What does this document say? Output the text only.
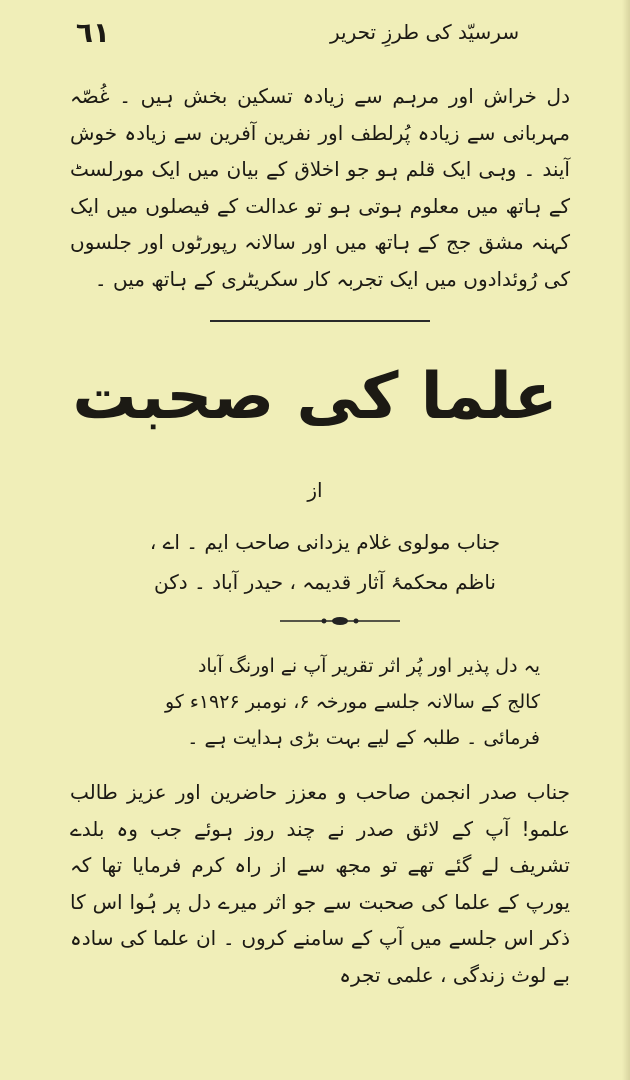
٦١	سرسیّد کی طرزِ تحریر

دل خراش اور مرہم سے زیادہ تسکین بخش ہیں ۔ غُصّہ مہربانی سے زیادہ پُرلطف اور نفرین آفرین سے زیادہ خوش آیند ۔ وہی ایک قلم ہو جو اخلاق کے بیان میں ایک مورلسٹ کے ہاتھ میں معلوم ہوتی ہو تو عدالت کے فیصلوں میں ایک کہنہ مشق جج کے ہاتھ میں اور سالانہ رپورٹوں اور جلسوں کی رُوئدادوں میں ایک تجربہ کار سکریٹری کے ہاتھ میں ۔

علما کی صحبت
از
جناب مولوی غلام یزدانی صاحب ایم ۔ اے ،
ناظم محکمۂ آثار قدیمہ ، حیدر آباد ۔ دکن
یہ دل پذیر اور پُر اثر تقریر آپ نے اورنگ آباد
کالج کے سالانہ جلسے مورخہ ۶، نومبر ۱۹۲۶ء کو
فرمائی ۔ طلبہ کے لیے بہت بڑی ہدایت ہے ۔

جناب صدر انجمن صاحب و معزز حاضرین اور عزیز طالب علمو! آپ کے لائق صدر نے چند روز ہوئے جب وہ بلدے تشریف لے گئے تھے تو مجھ سے از راہ کرم فرمایا تھا کہ یورپ کے علما کی صحبت سے جو اثر میرے دل پر ہُوا اس کا ذکر اس جلسے میں آپ کے سامنے کروں ۔ ان علما کی سادہ بے لوث زندگی ، علمی تجرہ
